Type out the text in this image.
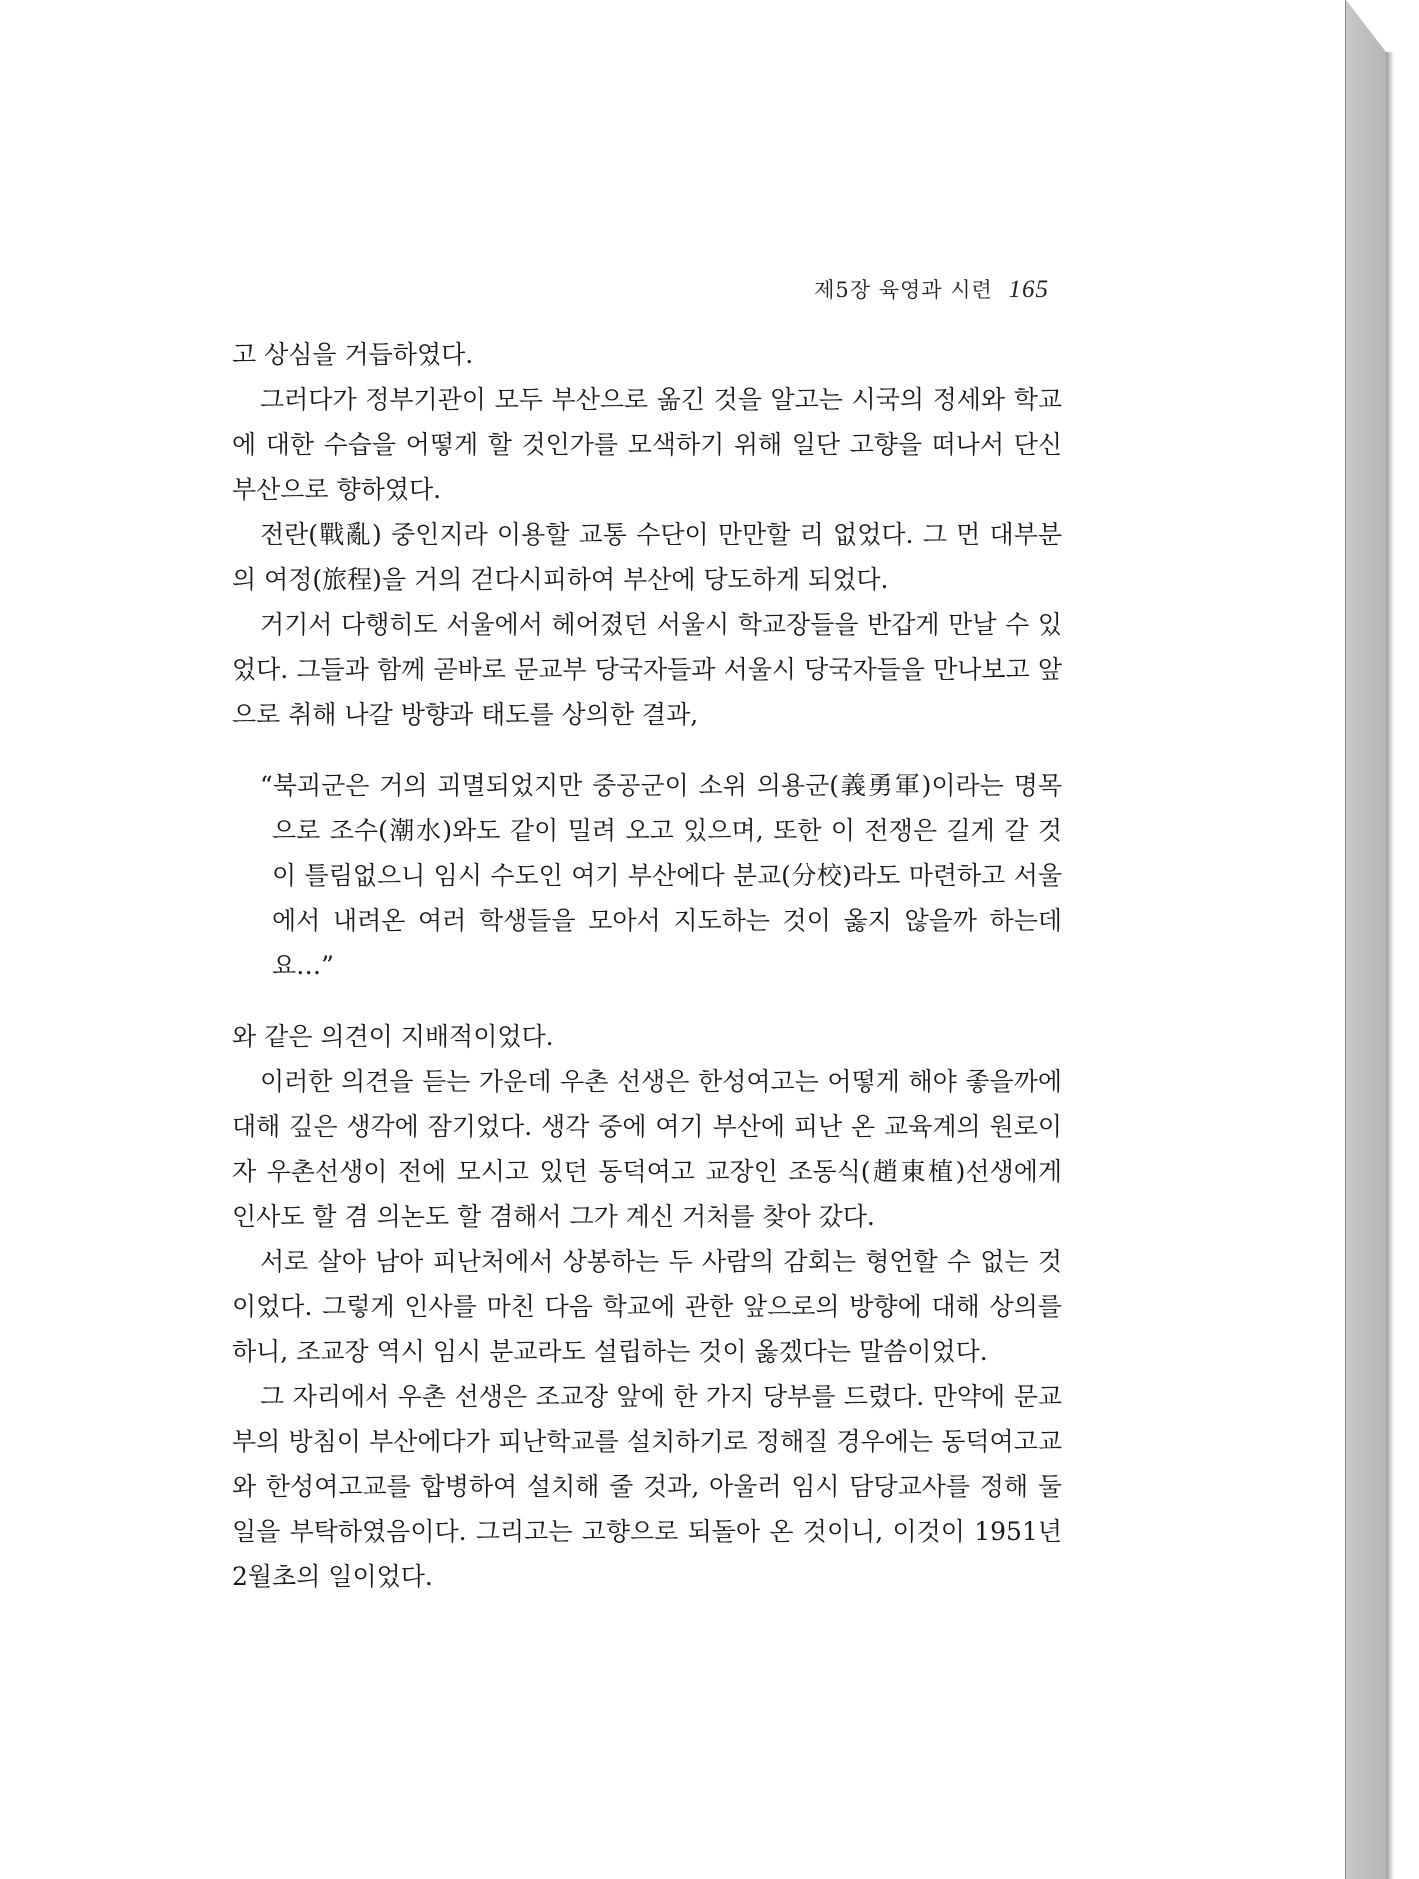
제5장 육영과 시련 165

고 상심을 거듭하였다.

그러다가 정부기관이 모두 부산으로 옮긴 것을 알고는 시국의 정세와 학교에 대한 수습을 어떻게 할 것인가를 모색하기 위해 일단 고향을 떠나서 단신 부산으로 향하였다.

전란(戰亂) 중인지라 이용할 교통 수단이 만만할 리 없었다. 그 먼 대부분의 여정(旅程)을 거의 걷다시피하여 부산에 당도하게 되었다.

거기서 다행히도 서울에서 헤어졌던 서울시 학교장들을 반갑게 만날 수 있었다. 그들과 함께 곧바로 문교부 당국자들과 서울시 당국자들을 만나보고 앞으로 취해 나갈 방향과 태도를 상의한 결과,

“북괴군은 거의 괴멸되었지만 중공군이 소위 의용군(義勇軍)이라는 명목으로 조수(潮水)와도 같이 밀려 오고 있으며, 또한 이 전쟁은 길게 갈 것이 틀림없으니 임시 수도인 여기 부산에다 분교(分校)라도 마련하고 서울에서 내려온 여러 학생들을 모아서 지도하는 것이 옳지 않을까 하는데요…”

와 같은 의견이 지배적이었다.

이러한 의견을 듣는 가운데 우촌 선생은 한성여고는 어떻게 해야 좋을까에 대해 깊은 생각에 잠기었다. 생각 중에 여기 부산에 피난 온 교육계의 원로이자 우촌선생이 전에 모시고 있던 동덕여고 교장인 조동식(趙東植)선생에게 인사도 할 겸 의논도 할 겸해서 그가 계신 거처를 찾아 갔다.

서로 살아 남아 피난처에서 상봉하는 두 사람의 감회는 형언할 수 없는 것이었다. 그렇게 인사를 마친 다음 학교에 관한 앞으로의 방향에 대해 상의를 하니, 조교장 역시 임시 분교라도 설립하는 것이 옳겠다는 말씀이었다.

그 자리에서 우촌 선생은 조교장 앞에 한 가지 당부를 드렸다. 만약에 문교부의 방침이 부산에다가 피난학교를 설치하기로 정해질 경우에는 동덕여고교와 한성여고교를 합병하여 설치해 줄 것과, 아울러 임시 담당교사를 정해 둘 일을 부탁하였음이다. 그리고는 고향으로 되돌아 온 것이니, 이것이 1951년 2월초의 일이었다.
